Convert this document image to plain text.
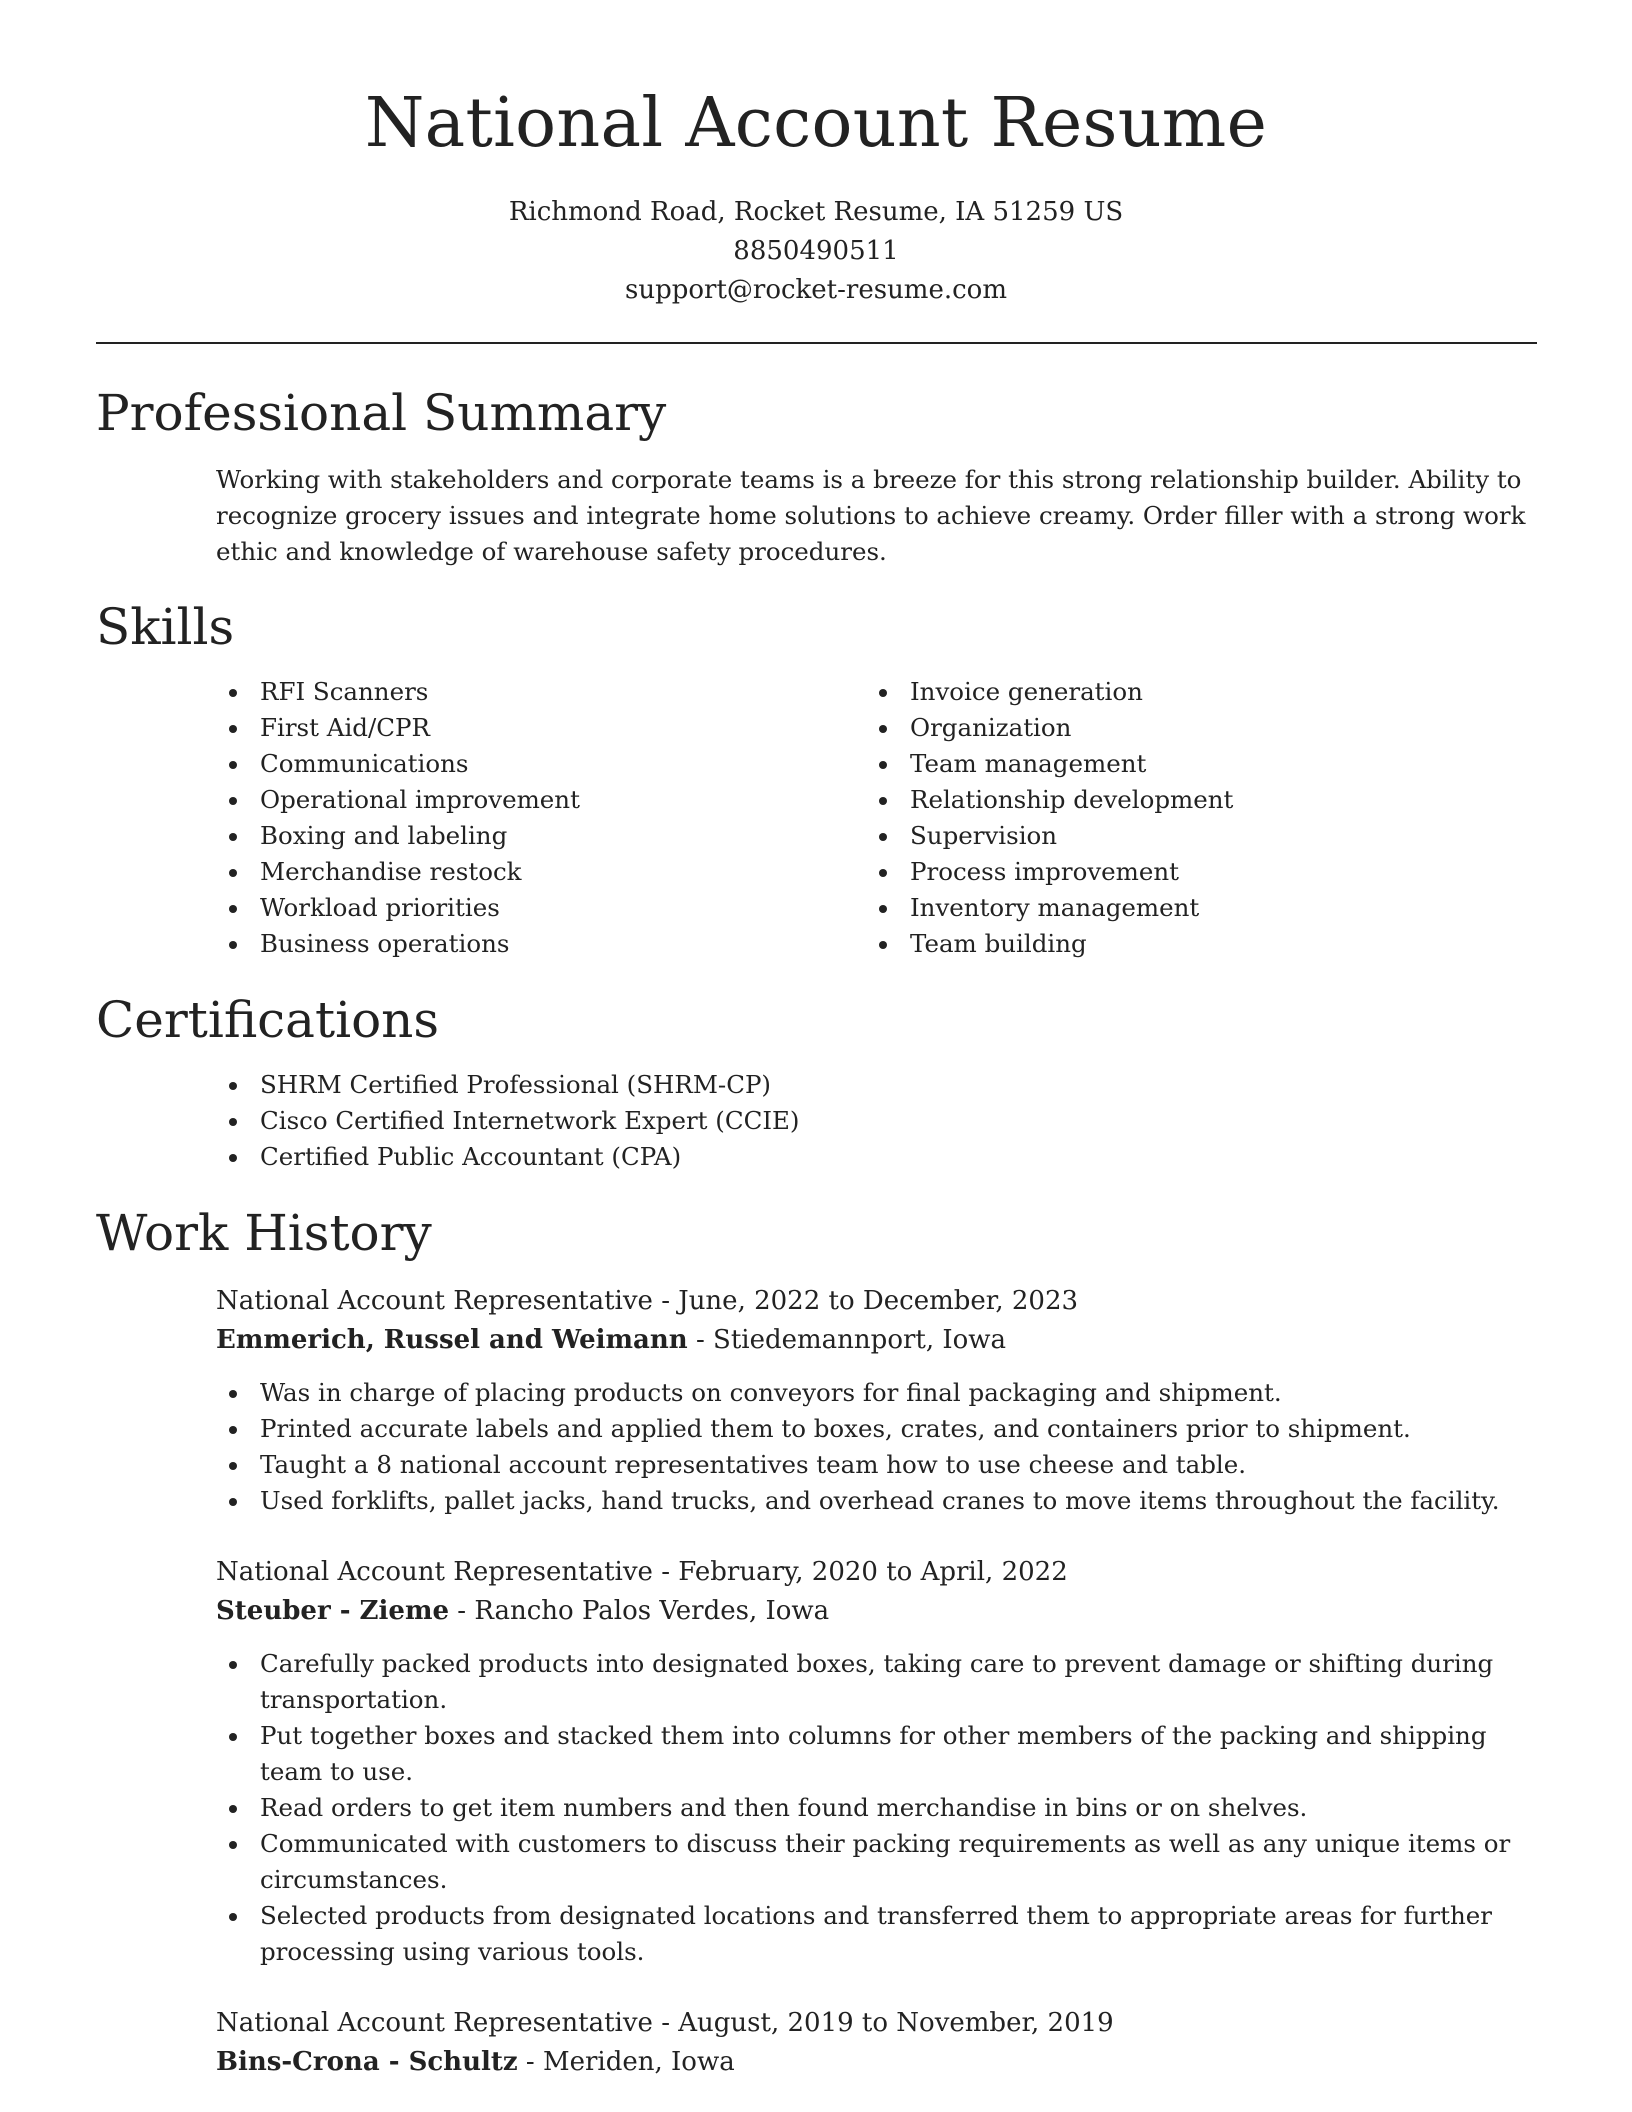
National Account Resume
Richmond Road, Rocket Resume, IA 51259 US
8850490511
support@rocket-resume.com
Professional Summary

Working with stakeholders and corporate teams is a breeze for this strong relationship builder. Ability to recognize grocery issues and integrate home solutions to achieve creamy. Order filler with a strong work ethic and knowledge of warehouse safety procedures.

Skills
RFI Scanners
First Aid/CPR
Communications
Operational improvement
Boxing and labeling
Merchandise restock
Workload priorities
Business operations
Invoice generation
Organization
Team management
Relationship development
Supervision
Process improvement
Inventory management
Team building
Certifications
SHRM Certified Professional (SHRM-CP)
Cisco Certified Internetwork Expert (CCIE)
Certified Public Accountant (CPA)
Work History
National Account Representative - June, 2022 to December, 2023
Emmerich, Russel and Weimann - Stiedemannport, Iowa
Was in charge of placing products on conveyors for final packaging and shipment.
Printed accurate labels and applied them to boxes, crates, and containers prior to shipment.
Taught a 8 national account representatives team how to use cheese and table.
Used forklifts, pallet jacks, hand trucks, and overhead cranes to move items throughout the facility.
National Account Representative - February, 2020 to April, 2022
Steuber - Zieme - Rancho Palos Verdes, Iowa
Carefully packed products into designated boxes, taking care to prevent damage or shifting during transportation.
Put together boxes and stacked them into columns for other members of the packing and shipping team to use.
Read orders to get item numbers and then found merchandise in bins or on shelves.
Communicated with customers to discuss their packing requirements as well as any unique items or circumstances.
Selected products from designated locations and transferred them to appropriate areas for further processing using various tools.
National Account Representative - August, 2019 to November, 2019
Bins-Crona - Schultz - Meriden, Iowa
